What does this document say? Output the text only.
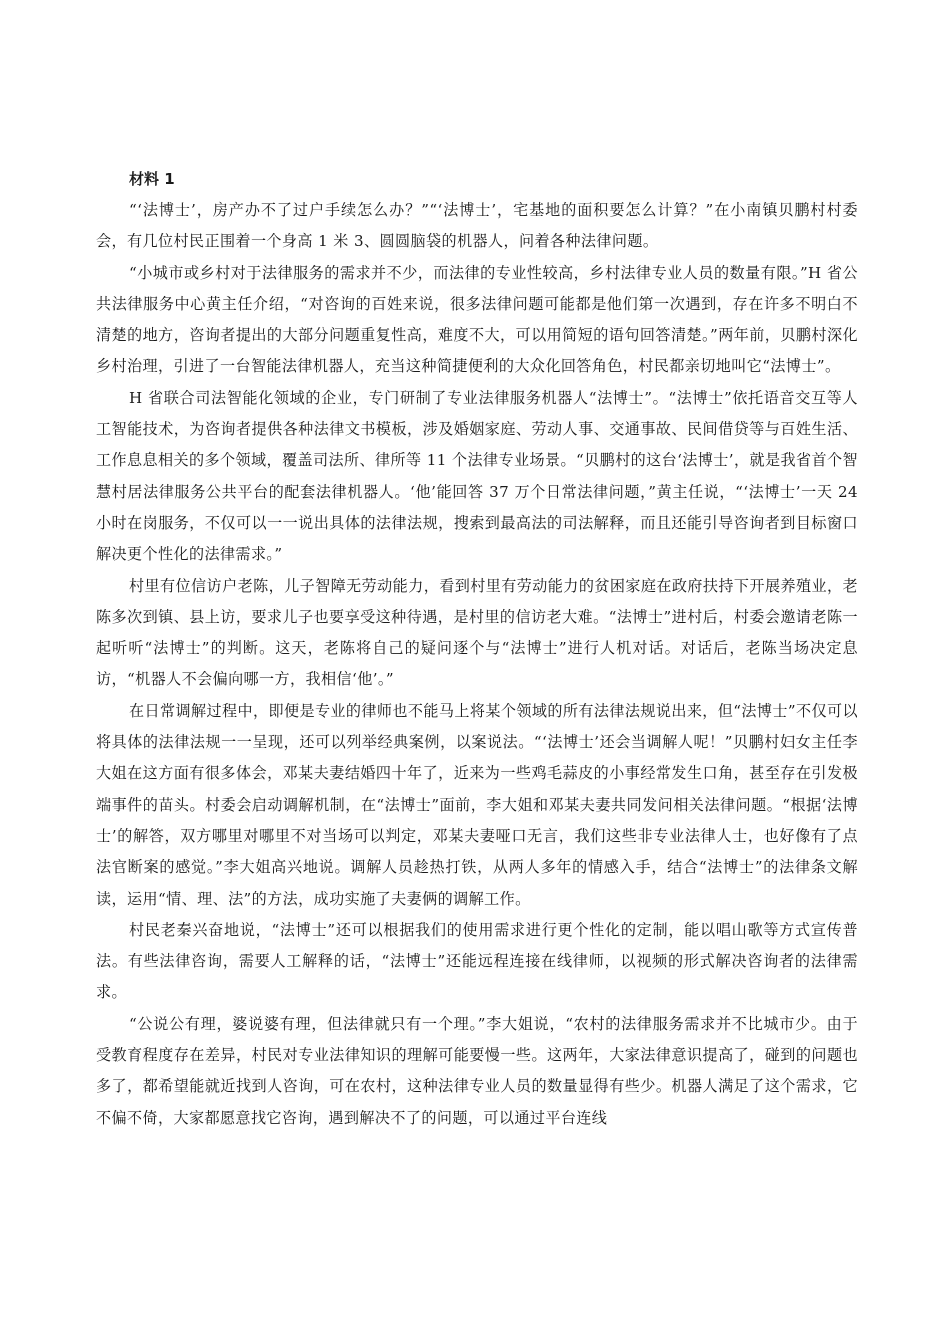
材料 1

“‘法博士’，房产办不了过户手续怎么办？”“‘法博士’，宅基地的面积要怎么计算？”在小南镇贝鹏村村委会，有几位村民正围着一个身高 1 米 3、圆圆脑袋的机器人，问着各种法律问题。

“小城市或乡村对于法律服务的需求并不少，而法律的专业性较高，乡村法律专业人员的数量有限。”H 省公共法律服务中心黄主任介绍，“对咨询的百姓来说，很多法律问题可能都是他们第一次遇到，存在许多不明白不清楚的地方，咨询者提出的大部分问题重复性高，难度不大，可以用简短的语句回答清楚。”两年前，贝鹏村深化乡村治理，引进了一台智能法律机器人，充当这种简捷便利的大众化回答角色，村民都亲切地叫它“法博士”。

H 省联合司法智能化领域的企业，专门研制了专业法律服务机器人“法博士”。“法博士”依托语音交互等人工智能技术，为咨询者提供各种法律文书模板，涉及婚姻家庭、劳动人事、交通事故、民间借贷等与百姓生活、工作息息相关的多个领域，覆盖司法所、律所等 11 个法律专业场景。“贝鹏村的这台‘法博士’，就是我省首个智慧村居法律服务公共平台的配套法律机器人。‘他’能回答 37 万个日常法律问题，”黄主任说，“‘法博士’一天 24 小时在岗服务，不仅可以一一说出具体的法律法规，搜索到最高法的司法解释，而且还能引导咨询者到目标窗口解决更个性化的法律需求。”

村里有位信访户老陈，儿子智障无劳动能力，看到村里有劳动能力的贫困家庭在政府扶持下开展养殖业，老陈多次到镇、县上访，要求儿子也要享受这种待遇，是村里的信访老大难。“法博士”进村后，村委会邀请老陈一起听听“法博士”的判断。这天，老陈将自己的疑问逐个与“法博士”进行人机对话。对话后，老陈当场决定息访，“机器人不会偏向哪一方，我相信‘他’。”

在日常调解过程中，即便是专业的律师也不能马上将某个领域的所有法律法规说出来，但“法博士”不仅可以将具体的法律法规一一呈现，还可以列举经典案例，以案说法。“‘法博士’还会当调解人呢！”贝鹏村妇女主任李大姐在这方面有很多体会，邓某夫妻结婚四十年了，近来为一些鸡毛蒜皮的小事经常发生口角，甚至存在引发极端事件的苗头。村委会启动调解机制，在“法博士”面前，李大姐和邓某夫妻共同发问相关法律问题。“根据‘法博士’的解答，双方哪里对哪里不对当场可以判定，邓某夫妻哑口无言，我们这些非专业法律人士，也好像有了点法官断案的感觉。”李大姐高兴地说。调解人员趁热打铁，从两人多年的情感入手，结合“法博士”的法律条文解读，运用“情、理、法”的方法，成功实施了夫妻俩的调解工作。

村民老秦兴奋地说，“法博士”还可以根据我们的使用需求进行更个性化的定制，能以唱山歌等方式宣传普法。有些法律咨询，需要人工解释的话，“法博士”还能远程连接在线律师，以视频的形式解决咨询者的法律需求。

“公说公有理，婆说婆有理，但法律就只有一个理。”李大姐说，“农村的法律服务需求并不比城市少。由于受教育程度存在差异，村民对专业法律知识的理解可能要慢一些。这两年，大家法律意识提高了，碰到的问题也多了，都希望能就近找到人咨询，可在农村，这种法律专业人员的数量显得有些少。机器人满足了这个需求，它不偏不倚，大家都愿意找它咨询，遇到解决不了的问题，可以通过平台连线
